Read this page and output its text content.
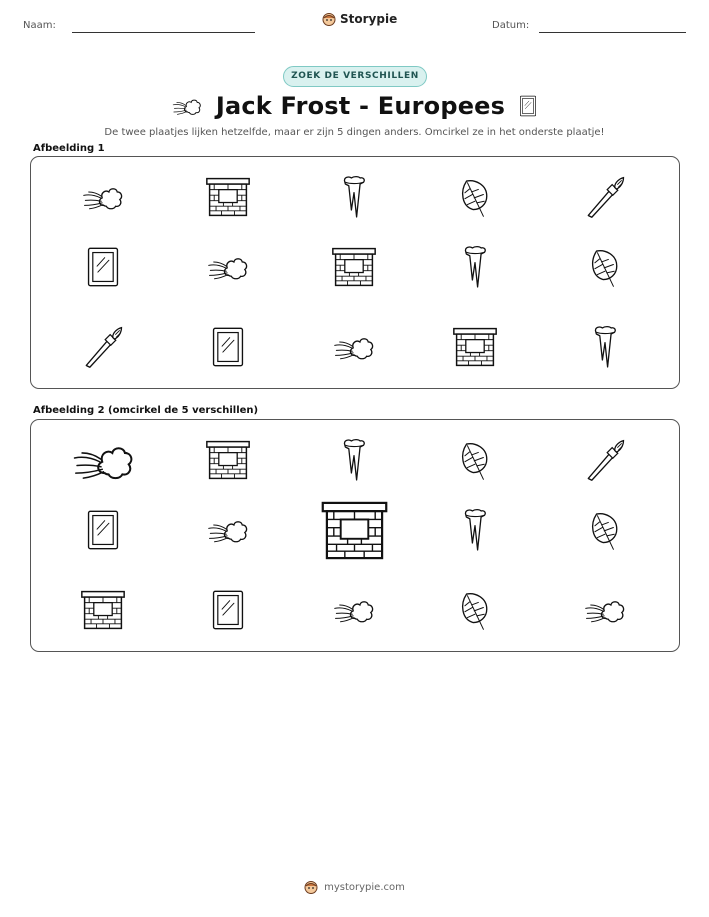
Naam:	Storypie	Datum:
ZOEK DE VERSCHILLEN
Jack Frost - Europees
De twee plaatjes lijken hetzelfde, maar er zijn 5 dingen anders. Omcirkel ze in het onderste plaatje!
Afbeelding 1
Afbeelding 2 (omcirkel de 5 verschillen)
mystorypie.com
